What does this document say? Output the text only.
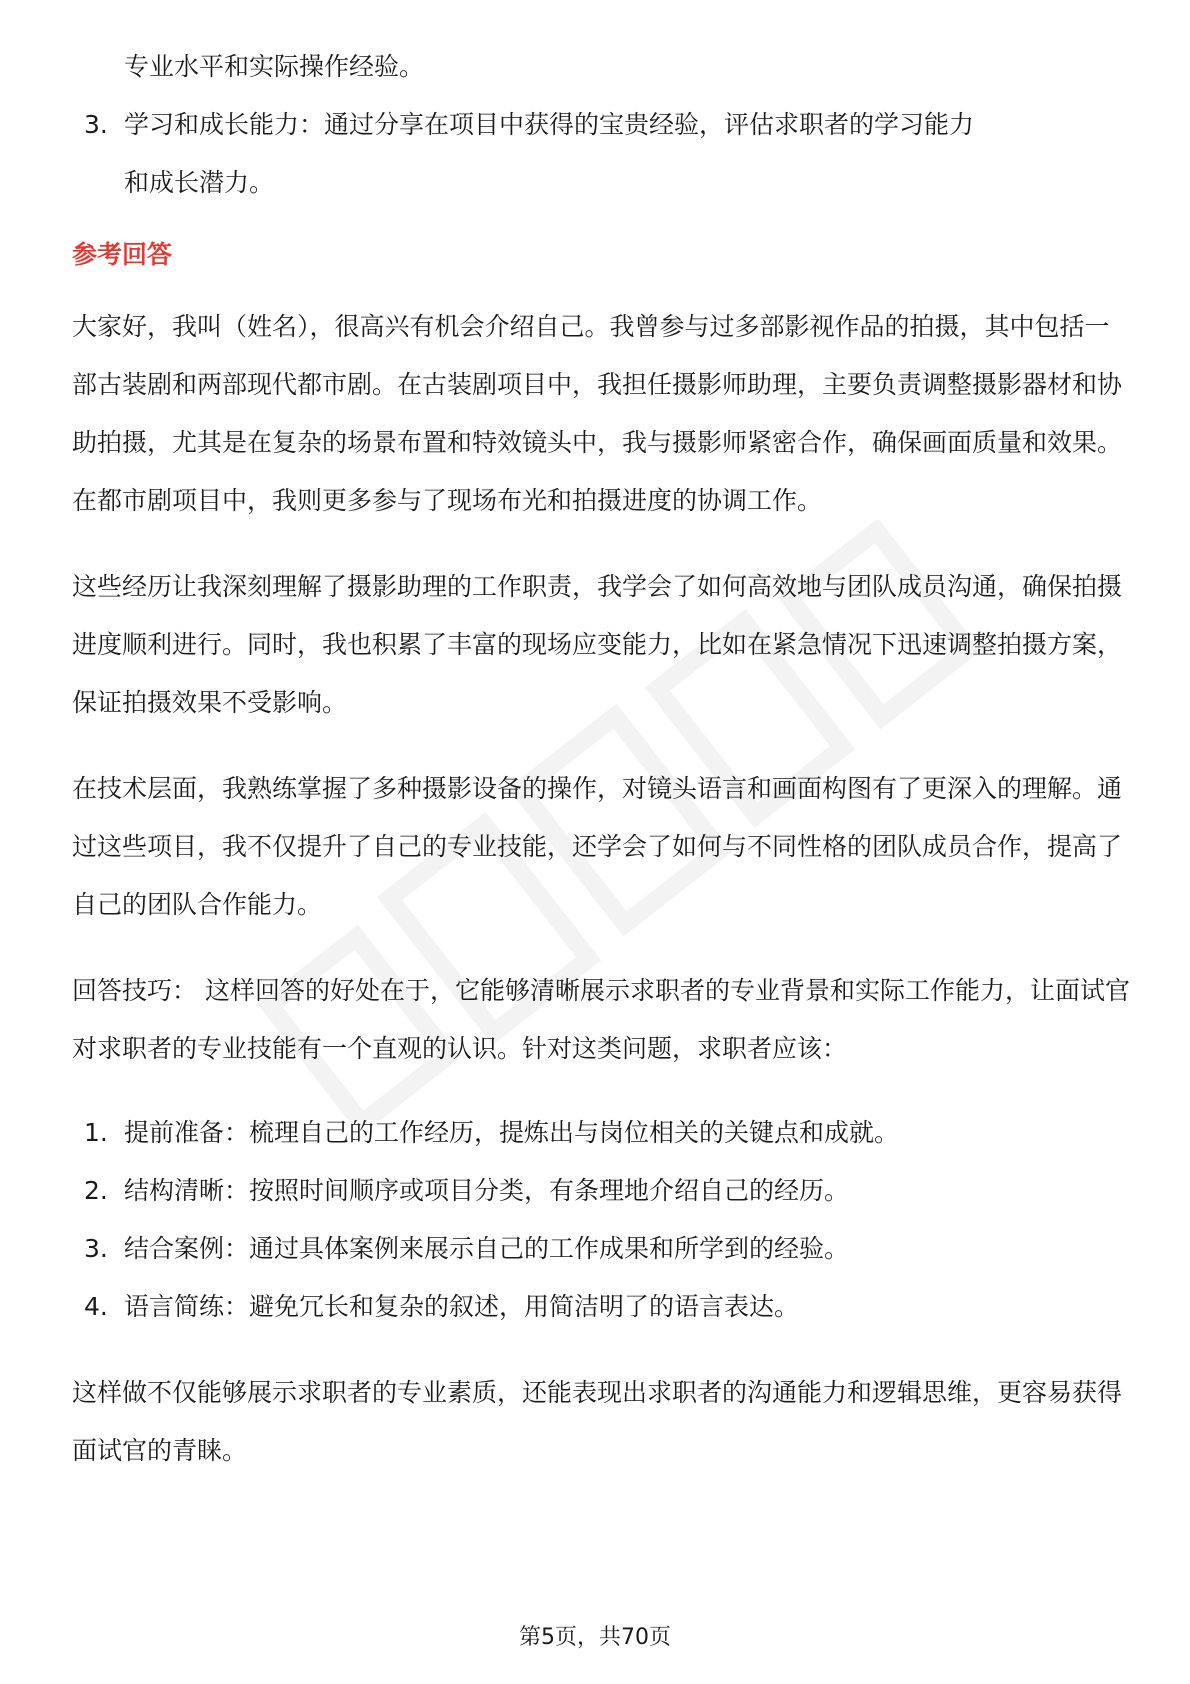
专业水平和实际操作经验。
3. 学习和成长能力：通过分享在项目中获得的宝贵经验，评估求职者的学习能力
和成长潜力。
参考回答

大家好，我叫（姓名），很高兴有机会介绍自己。我曾参与过多部影视作品的拍摄，其中包括一部古装剧和两部现代都市剧。在古装剧项目中，我担任摄影师助理，主要负责调整摄影器材和协助拍摄，尤其是在复杂的场景布置和特效镜头中，我与摄影师紧密合作，确保画面质量和效果。在都市剧项目中，我则更多参与了现场布光和拍摄进度的协调工作。

这些经历让我深刻理解了摄影助理的工作职责，我学会了如何高效地与团队成员沟通，确保拍摄进度顺利进行。同时，我也积累了丰富的现场应变能力，比如在紧急情况下迅速调整拍摄方案，保证拍摄效果不受影响。

在技术层面，我熟练掌握了多种摄影设备的操作，对镜头语言和画面构图有了更深入的理解。通过这些项目，我不仅提升了自己的专业技能，还学会了如何与不同性格的团队成员合作，提高了自己的团队合作能力。

回答技巧： 这样回答的好处在于，它能够清晰展示求职者的专业背景和实际工作能力，让面试官对求职者的专业技能有一个直观的认识。针对这类问题，求职者应该：

1. 提前准备：梳理自己的工作经历，提炼出与岗位相关的关键点和成就。
2. 结构清晰：按照时间顺序或项目分类，有条理地介绍自己的经历。
3. 结合案例：通过具体案例来展示自己的工作成果和所学到的经验。
4. 语言简练：避免冗长和复杂的叙述，用简洁明了的语言表达。

这样做不仅能够展示求职者的专业素质，还能表现出求职者的沟通能力和逻辑思维，更容易获得面试官的青睐。

第5页，共70页
